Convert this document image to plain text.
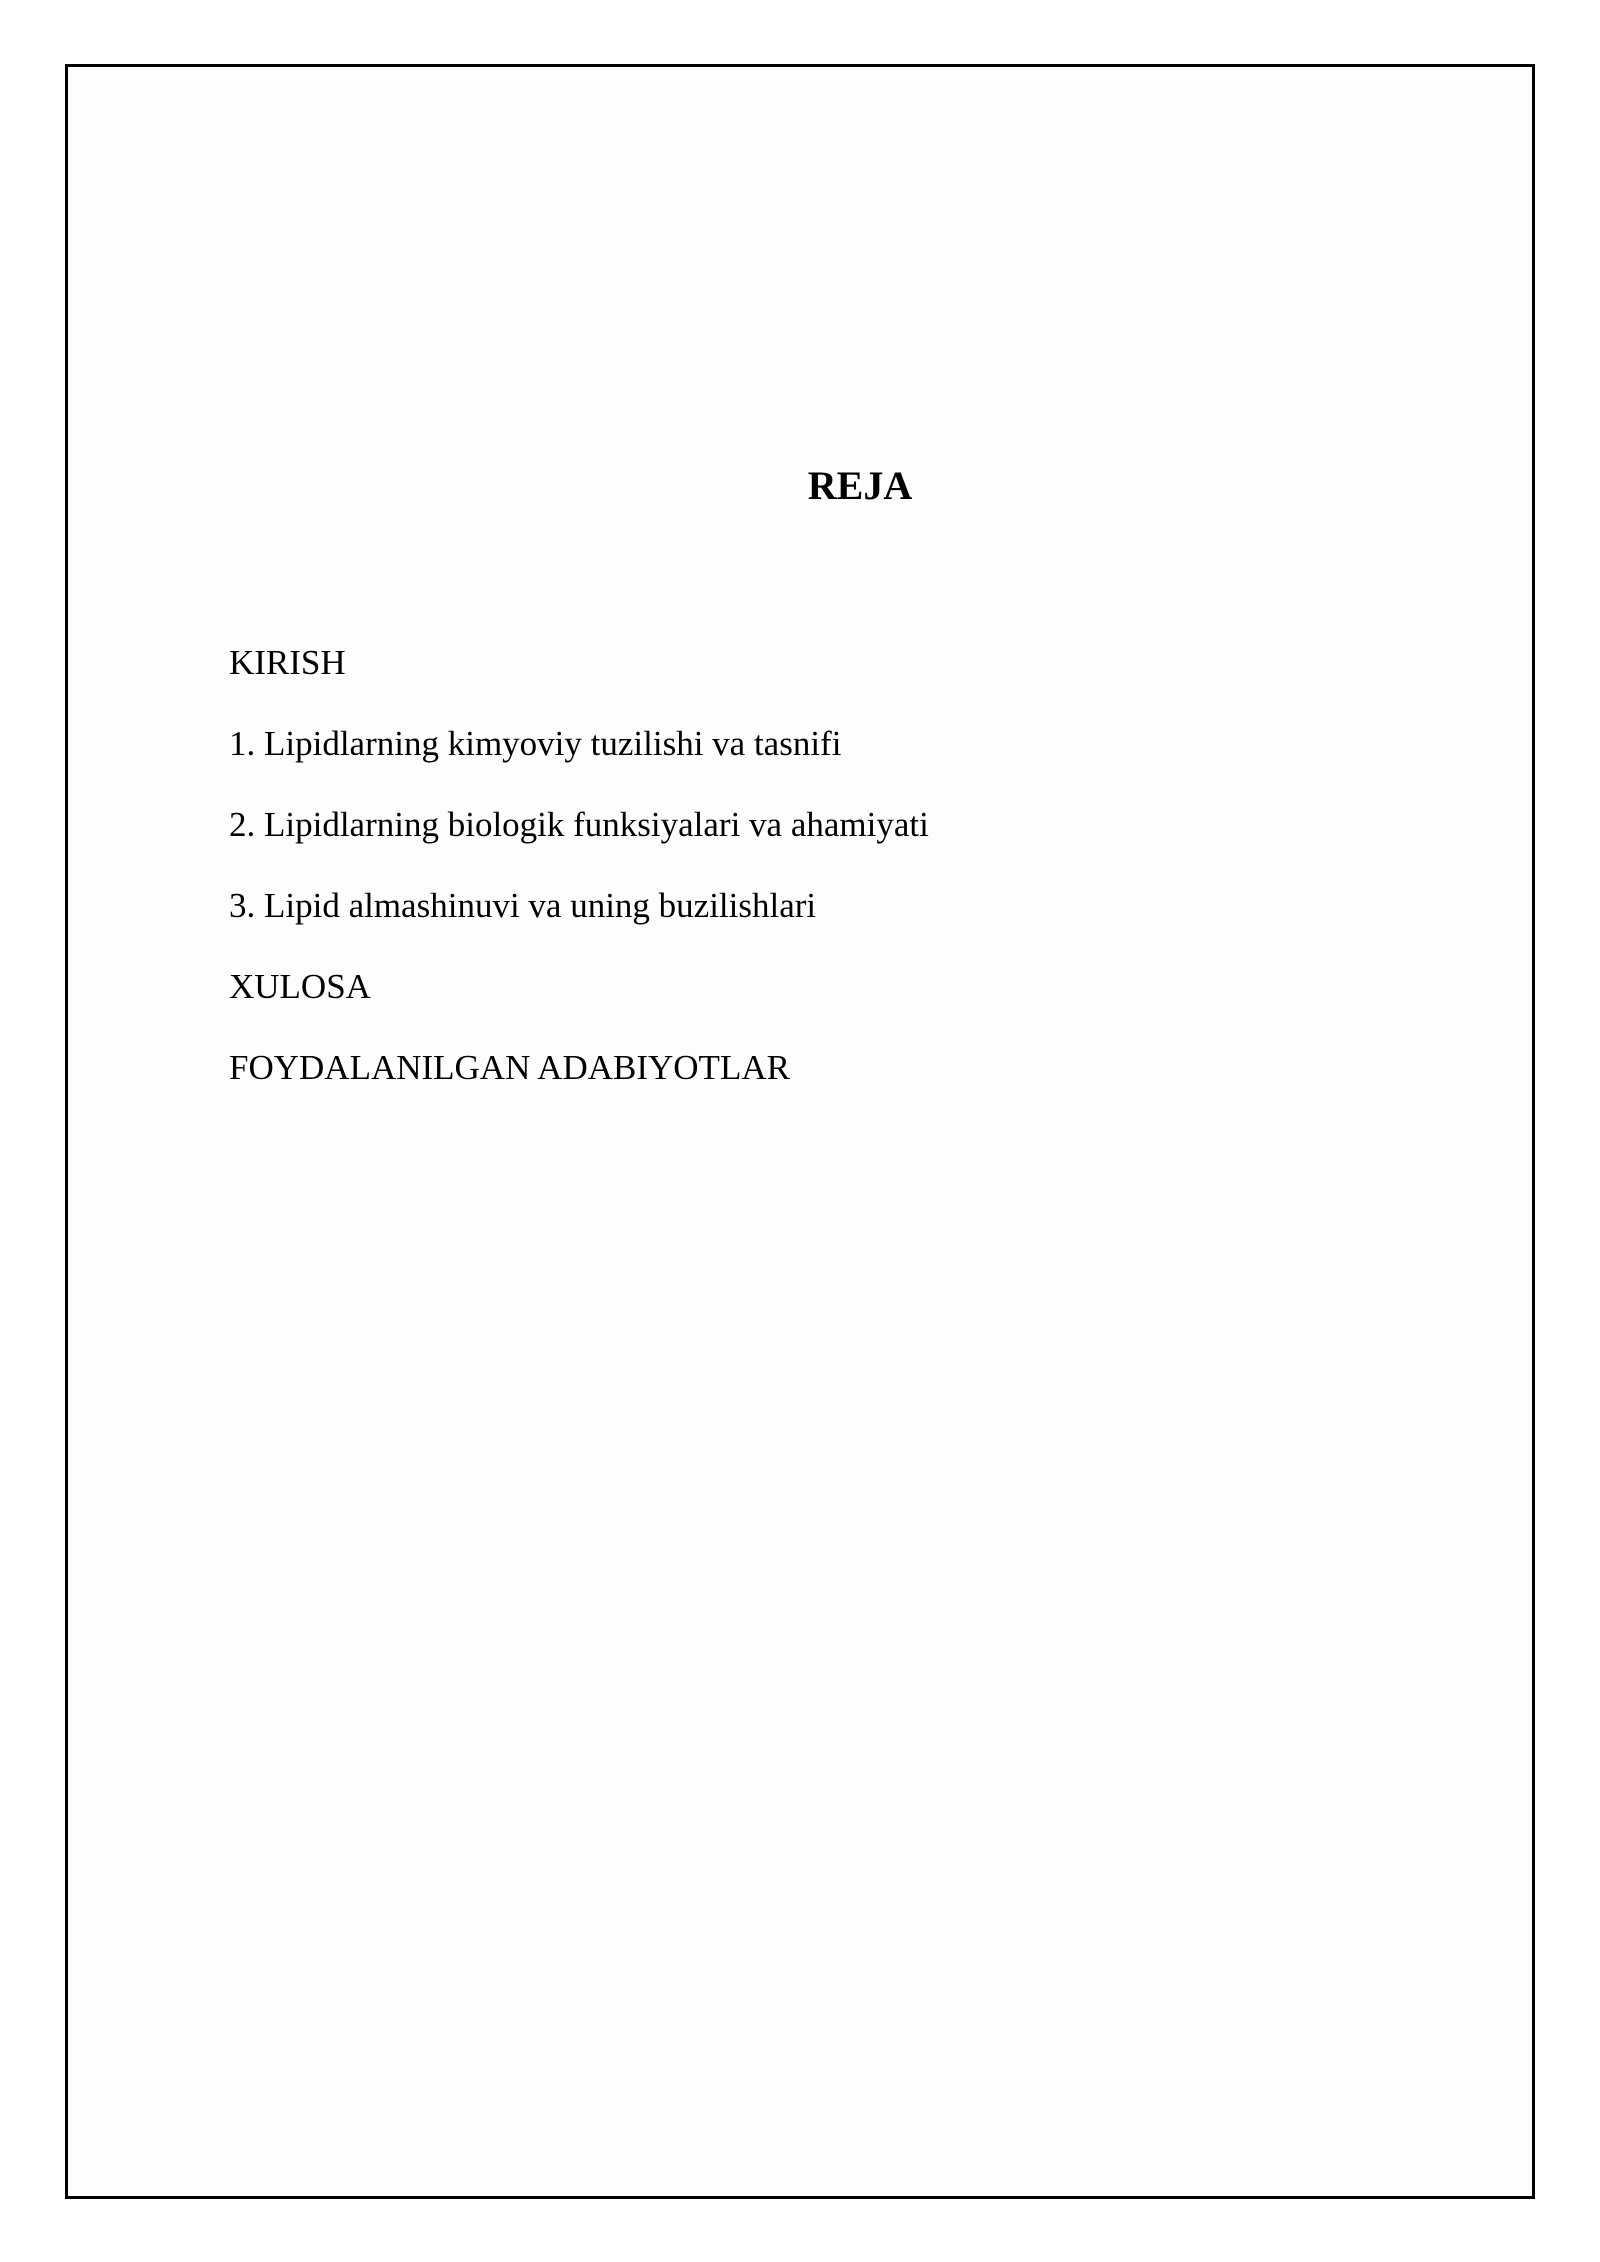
REJA
KIRISH
1. Lipidlarning kimyoviy tuzilishi va tasnifi
2. Lipidlarning biologik funksiyalari va ahamiyati
3. Lipid almashinuvi va uning buzilishlari
XULOSA
FOYDALANILGAN ADABIYOTLAR
